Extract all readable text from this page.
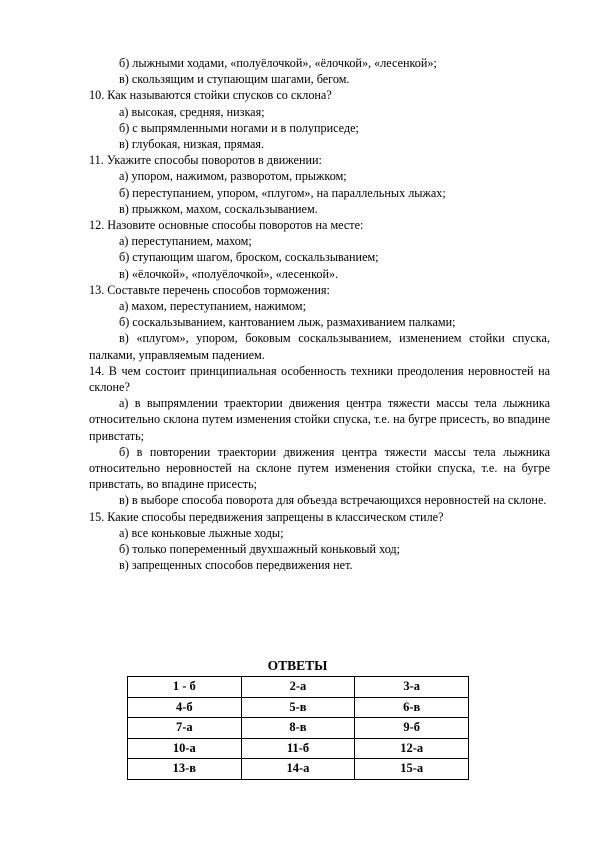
б) лыжными ходами, «полуёлочкой», «ёлочкой», «лесенкой»;

в) скользящим и ступающим шагами, бегом.

10. Как называются стойки спусков со склона?

а) высокая, средняя, низкая;

б) с выпрямленными ногами и в полуприседе;

в) глубокая, низкая, прямая.

11. Укажите способы поворотов в движении:

а) упором, нажимом, разворотом, прыжком;

б) переступанием, упором, «плугом», на параллельных лыжах;

в) прыжком, махом, соскальзыванием.

12. Назовите основные способы поворотов на месте:

а) переступанием, махом;

б) ступающим шагом, броском, соскальзыванием;

в) «ёлочкой», «полуёлочкой», «лесенкой».

13. Составьте перечень способов торможения:

а) махом, переступанием, нажимом;

б) соскальзыванием, кантованием лыж, размахиванием палками;

в) «плугом», упором, боковым соскальзыванием, изменением стойки спуска, палками, управляемым падением.

14. В чем состоит принципиальная особенность техники преодоления неровностей на склоне?

а) в выпрямлении траектории движения центра тяжести массы тела лыжника относительно склона путем изменения стойки спуска, т.е. на бугре присесть, во впадине привстать;

б) в повторении траектории движения центра тяжести массы тела лыжника относительно неровностей на склоне путем изменения стойки спуска, т.е. на бугре привстать, во впадине присесть;

в) в выборе способа поворота для объезда встречающихся неровностей на склоне.

15. Какие способы передвижения запрещены в классическом стиле?

а) все коньковые лыжные ходы;

б) только попеременный двухшажный коньковый ход;

в) запрещенных способов передвижения нет.

ОТВЕТЫ
1 - б	2-а	3-а
4-б	5-в	6-в
7-а	8-в	9-б
10-а	11-б	12-а
13-в	14-а	15-а
